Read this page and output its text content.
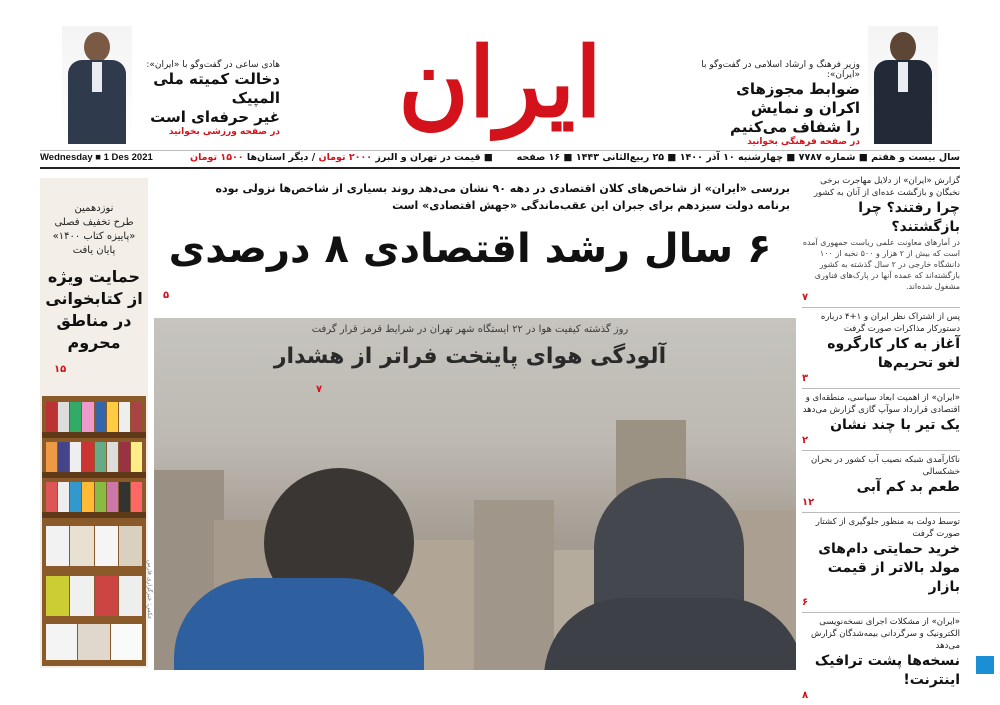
ایران
هادی ساعی در گفت‌وگو با «ایران»:
دخالت کمیته ملی المپیک
غیر حرفه‌ای است
در صفحه ورزشی بخوانید
وزیر فرهنگ و ارشاد اسلامی در گفت‌وگو با «ایران»:
ضوابط مجوزهای اکران و نمایش
را شفاف می‌کنیم
در صفحه فرهنگی بخوانید
سال بیست و هفتم ■ شماره ۷۷۸۷ ■ چهارشنبه ۱۰ آذر ۱۴۰۰ ■ ۲۵ ربیع‌الثانی ۱۴۴۳ ■ ۱۶ صفحه
■ قیمت در تهران و البرز ۲۰۰۰ تومان / دیگر استان‌ها ۱۵۰۰ تومان
Wednesday ■ 1 Des 2021
نوزدهمین
طرح تخفیف فصلی
«پاییزه کتاب ۱۴۰۰»
پایان یافت
حمایت ویژه
از کتابخوانی
در مناطق
محروم
۱۵
بررسی «ایران» از شاخص‌های کلان اقتصادی در دهه ۹۰ نشان می‌دهد روند بسیاری از شاخص‌ها نزولی بوده
برنامه دولت سیزدهم برای جبران این عقب‌ماندگی «جهش اقتصادی» است
۶ سال رشد اقتصادی ۸ درصدی
۵
روز گذشته کیفیت هوا در ۲۲ ایستگاه شهر تهران در شرایط قرمز قرار گرفت
آلودگی هوای پایتخت فراتر از هشدار
۷
عکس: خبرگزاری فارس
گزارش «ایران» از دلایل مهاجرت برخی نخبگان و بازگشت عده‌ای از آنان به کشور
چرا رفتند؟ چرا بازگشتند؟
در آمارهای معاونت علمی ریاست جمهوری آمده است که بیش از ۲ هزار و ۵۰۰ نخبه از ۱۰۰ دانشگاه خارجی در ۲ سال گذشته به کشور بازگشته‌اند که عمده آنها در پارک‌های فناوری مشغول شده‌اند.
۷
پس از اشتراک نظر ایران و ۱+۴ درباره دستورکار مذاکرات صورت گرفت
آغاز به کار کارگروه لغو تحریم‌ها
۳
«ایران» از اهمیت ابعاد سیاسی، منطقه‌ای و اقتصادی قرارداد سوآپ گازی گزارش می‌دهد
یک تیر با چند نشان
۲
ناکارآمدی شبکه نصیب آب کشور در بحران خشکسالی
طعم بد کم آبی
۱۲
توسط دولت به منظور جلوگیری از کشتار صورت گرفت
خرید حمایتی دام‌های مولد بالاتر از قیمت بازار
۶
«ایران» از مشکلات اجرای نسخه‌نویسی الکترونیک و سرگردانی بیمه‌شدگان گزارش می‌دهد
نسخه‌ها پشت ترافیک اینترنت!
۸
